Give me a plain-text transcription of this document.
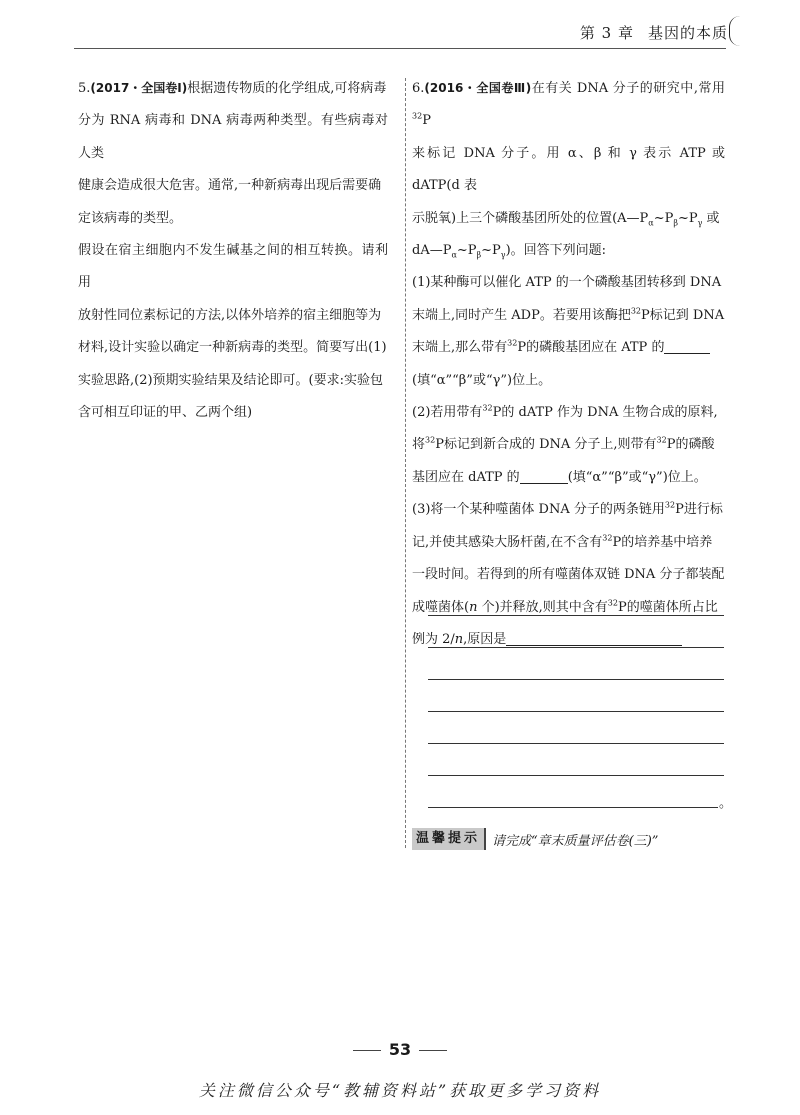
第 3 章 基因的本质

5.(2017・全国卷Ⅰ)根据遗传物质的化学组成,可将病毒

分为 RNA 病毒和 DNA 病毒两种类型。有些病毒对人类

健康会造成很大危害。通常,一种新病毒出现后需要确

定该病毒的类型。

假设在宿主细胞内不发生碱基之间的相互转换。请利用

放射性同位素标记的方法,以体外培养的宿主细胞等为

材料,设计实验以确定一种新病毒的类型。简要写出(1)

实验思路,(2)预期实验结果及结论即可。(要求:实验包

含可相互印证的甲、乙两个组)

6.(2016・全国卷Ⅲ)在有关 DNA 分子的研究中,常用$^{32}$P

来标记 DNA 分子。用 α、β 和 γ 表示 ATP 或 dATP(d 表

示脱氧)上三个磷酸基团所处的位置($A—P_\alpha\sim P_\beta\sim P_\gamma$ 或

$dA—P_\alpha\sim P_\beta\sim P_\gamma$)。回答下列问题:

(1)某种酶可以催化 ATP 的一个磷酸基团转移到 DNA

末端上,同时产生 ADP。若要用该酶把$^{32}$P标记到 DNA

末端上,那么带有$^{32}$P的磷酸基团应在 ATP 的

(填“α”“β”或“γ”)位上。

(2)若用带有$^{32}$P的 dATP 作为 DNA 生物合成的原料,

将$^{32}$P标记到新合成的 DNA 分子上,则带有$^{32}$P的磷酸

基团应在 dATP 的	(填“α”“β”或“γ”)位上。

(3)将一个某种噬菌体 DNA 分子的两条链用$^{32}$P进行标

记,并使其感染大肠杆菌,在不含有$^{32}$P的培养基中培养

一段时间。若得到的所有噬菌体双链 DNA 分子都装配

成噬菌体(n 个)并释放,则其中含有$^{32}$P的噬菌体所占比

例为 2/n,原因是

。
温馨提示 请完成“章末质量评估卷(三)”
53
关注微信公众号“教辅资料站”获取更多学习资料
